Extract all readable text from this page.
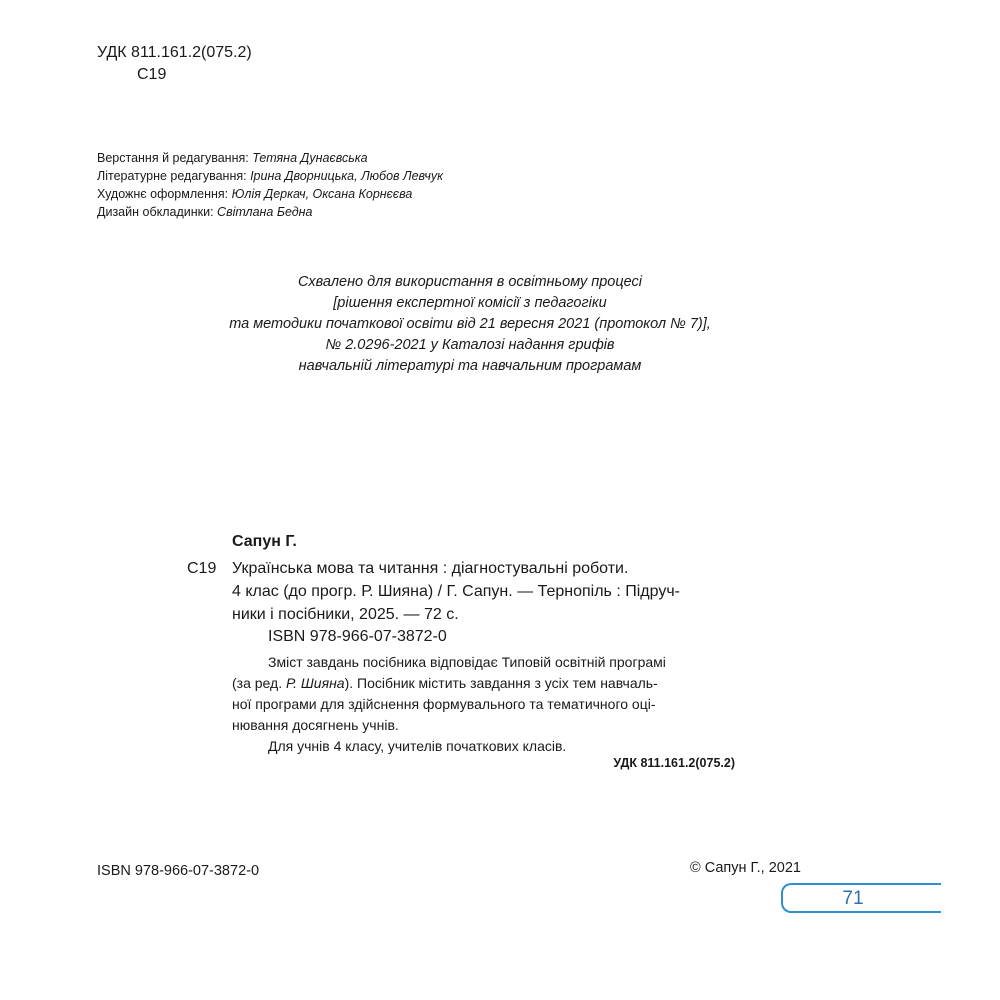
УДК 811.161.2(075.2)
С19
Верстання й редагування: Тетяна Дунаєвська
Літературне редагування: Ірина Дворницька, Любов Левчук
Художнє оформлення: Юлія Деркач, Оксана Корнєєва
Дизайн обкладинки: Світлана Бедна
Схвалено для використання в освітньому процесі
[рішення експертної комісії з педагогіки
та методики початкової освіти від 21 вересня 2021 (протокол № 7)],
№ 2.0296-2021 у Каталозі надання грифів
навчальній літературі та навчальним програмам
Сапун Г.
С19 Українська мова та читання : діагностувальні роботи.
4 клас (до прогр. Р. Шияна) / Г. Сапун. — Тернопіль : Підруч-
ники і посібники, 2025. — 72 с.
ISBN 978-966-07-3872-0
Зміст завдань посібника відповідає Типовій освітній програмі
(за ред. Р. Шияна). Посібник містить завдання з усіх тем навчаль-
ної програми для здійснення формувального та тематичного оці-
нювання досягнень учнів.
Для учнів 4 класу, учителів початкових класів.
УДК 811.161.2(075.2)
ISBN 978-966-07-3872-0	© Сапун Г., 2021
71
